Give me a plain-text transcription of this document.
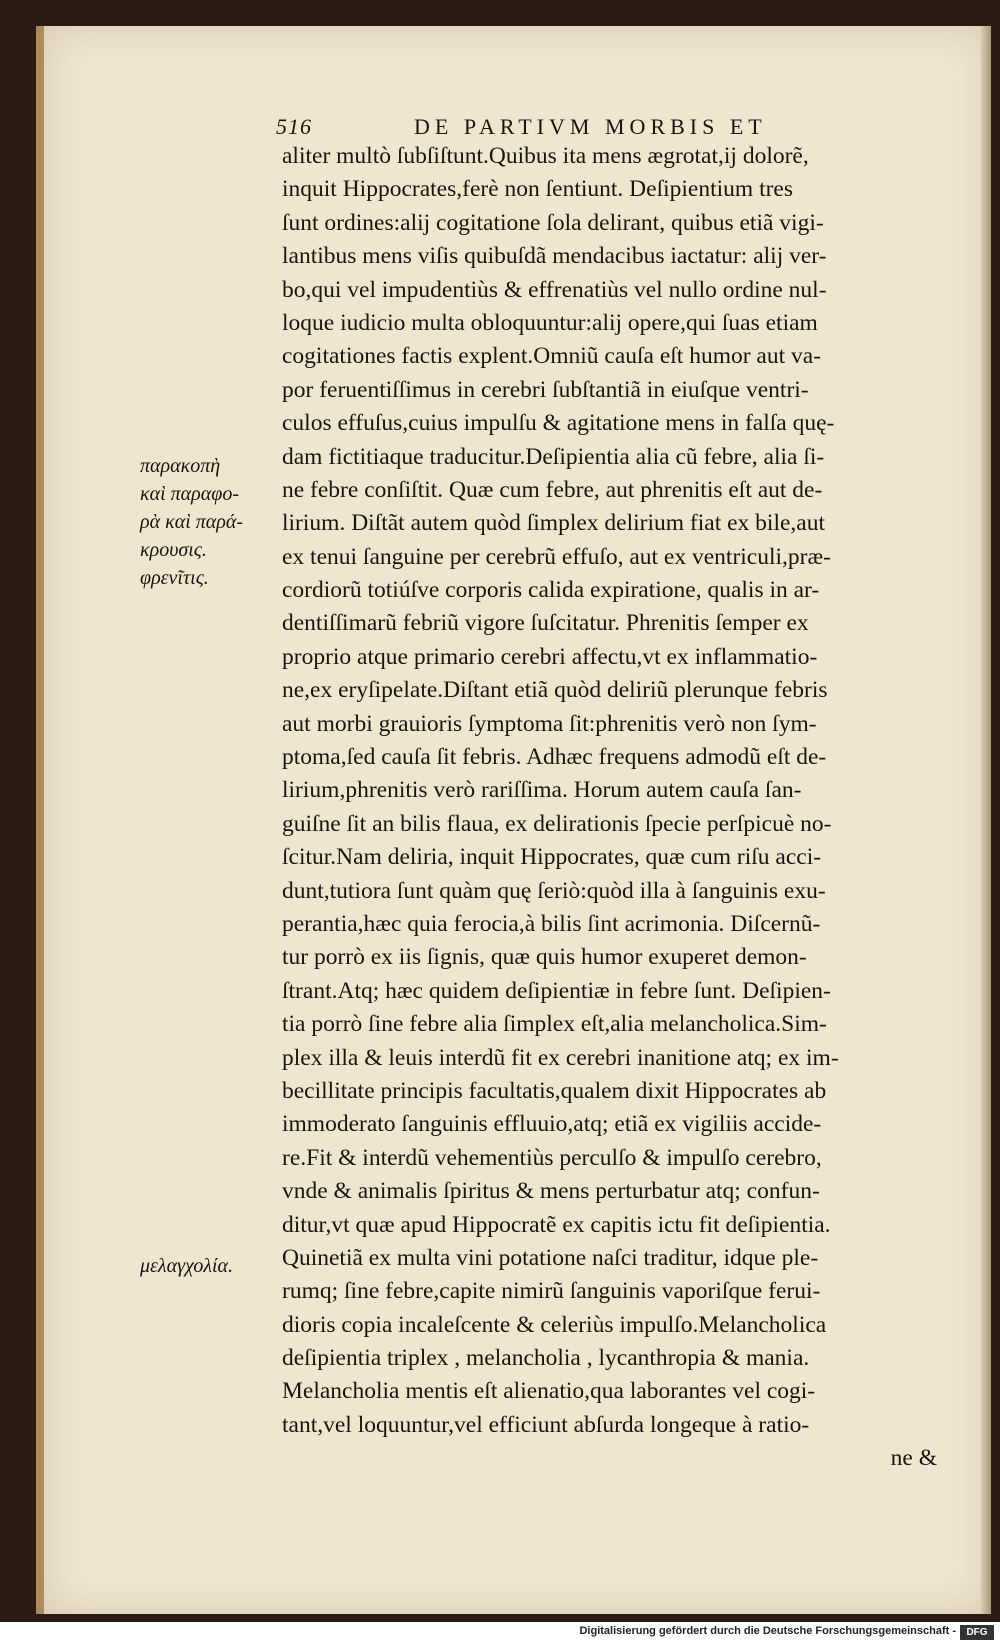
516	DE PARTIVM MORBIS ET
παρακοπὴ
καὶ παραφο-
ρὰ καὶ παρά-
κρουσις.
φρενῖτις.
μελαγχολία.
aliter multò ſubſiſtunt.Quibus ita mens ægrotat,ij dolorẽ,
inquit Hippocrates,ferè non ſentiunt. Deſipientium tres
ſunt ordines:alij cogitatione ſola delirant, quibus etiã vigi-
lantibus mens viſis quibuſdã mendacibus iactatur: alij ver-
bo,qui vel impudentiùs & effrenatiùs vel nullo ordine nul-
loque iudicio multa obloquuntur:alij opere,qui ſuas etiam
cogitationes factis explent.Omniũ cauſa eſt humor aut va-
por feruentiſſimus in cerebri ſubſtantiã in eiuſque ventri-
culos effuſus,cuius impulſu & agitatione mens in falſa quę-
dam fictitiaque traducitur.Deſipientia alia cũ febre, alia ſi-
ne febre conſiſtit. Quæ cum febre, aut phrenitis eſt aut de-
lirium. Diſtãt autem quòd ſimplex delirium fiat ex bile,aut
ex tenui ſanguine per cerebrũ effuſo, aut ex ventriculi,præ-
cordiorũ totiúſve corporis calida expiratione, qualis in ar-
dentiſſimarũ febriũ vigore ſuſcitatur. Phrenitis ſemper ex
proprio atque primario cerebri affectu,vt ex inflammatio-
ne,ex eryſipelate.Diſtant etiã quòd deliriũ plerunque febris
aut morbi grauioris ſymptoma ſit:phrenitis verò non ſym-
ptoma,ſed cauſa ſit febris. Adhæc frequens admodũ eſt de-
lirium,phrenitis verò rariſſima. Horum autem cauſa ſan-
guiſne ſit an bilis flaua, ex delirationis ſpecie perſpicuè no-
ſcitur.Nam deliria, inquit Hippocrates, quæ cum riſu acci-
dunt,tutiora ſunt quàm quę ſeriò:quòd illa à ſanguinis exu-
perantia,hæc quia ferocia,à bilis ſint acrimonia. Diſcernũ-
tur porrò ex iis ſignis, quæ quis humor exuperet demon-
ſtrant.Atq; hæc quidem deſipientiæ in febre ſunt. Deſipien-
tia porrò ſine febre alia ſimplex eſt,alia melancholica.Sim-
plex illa & leuis interdũ fit ex cerebri inanitione atq; ex im-
becillitate principis facultatis,qualem dixit Hippocrates ab
immoderato ſanguinis effluuio,atq; etiã ex vigiliis accide-
re.Fit & interdũ vehementiùs perculſo & impulſo cerebro,
vnde & animalis ſpiritus & mens perturbatur atq; confun-
ditur,vt quæ apud Hippocratẽ ex capitis ictu fit deſipientia.
Quinetiã ex multa vini potatione naſci traditur, idque ple-
rumq; ſine febre,capite nimirũ ſanguinis vaporiſque ferui-
dioris copia incaleſcente & celeriùs impulſo.Melancholica
deſipientia triplex , melancholia , lycanthropia & mania.
Melancholia mentis eſt alienatio,qua laborantes vel cogi-
tant,vel loquuntur,vel efficiunt abſurda longeque à ratio-
ne &
Digitalisierung gefördert durch die Deutsche Forschungsgemeinschaft -	DFG
